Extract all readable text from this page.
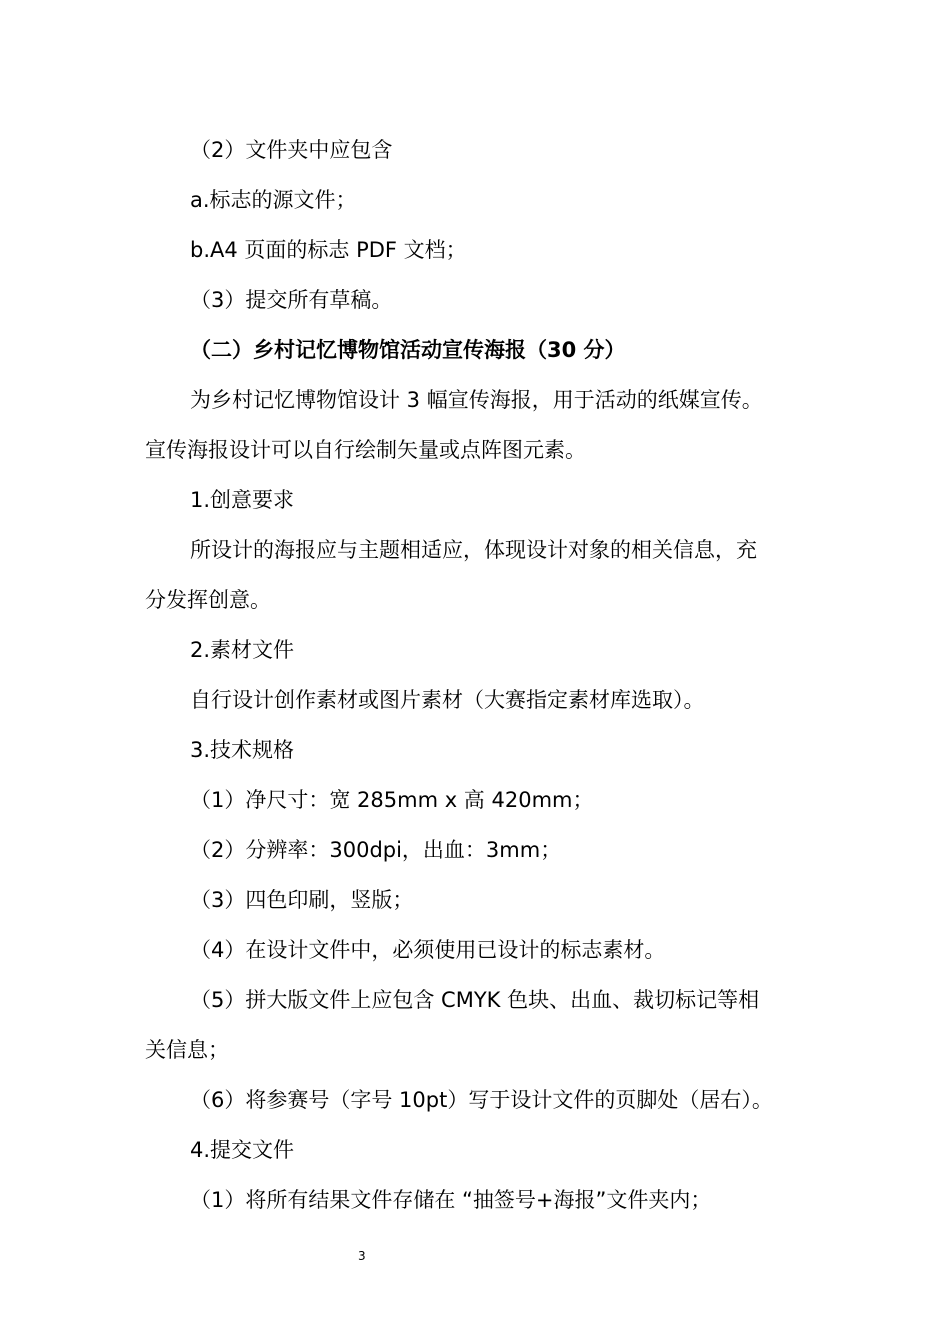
（2）文件夹中应包含
a.标志的源文件；
b.A4 页面的标志 PDF 文档；
（3）提交所有草稿。
（二）乡村记忆博物馆活动宣传海报（30 分）
为乡村记忆博物馆设计 3 幅宣传海报，用于活动的纸媒宣传。
宣传海报设计可以自行绘制矢量或点阵图元素。
1.创意要求
所设计的海报应与主题相适应，体现设计对象的相关信息，充
分发挥创意。
2.素材文件
自行设计创作素材或图片素材（大赛指定素材库选取）。
3.技术规格
（1）净尺寸：宽 285mm x 高 420mm；
（2）分辨率：300dpi，出血：3mm；
（3）四色印刷，竖版；
（4）在设计文件中，必须使用已设计的标志素材。
（5）拼大版文件上应包含 CMYK 色块、出血、裁切标记等相
关信息；
（6）将参赛号（字号 10pt）写于设计文件的页脚处（居右）。
4.提交文件
（1）将所有结果文件存储在 “抽签号+海报”文件夹内；
3
